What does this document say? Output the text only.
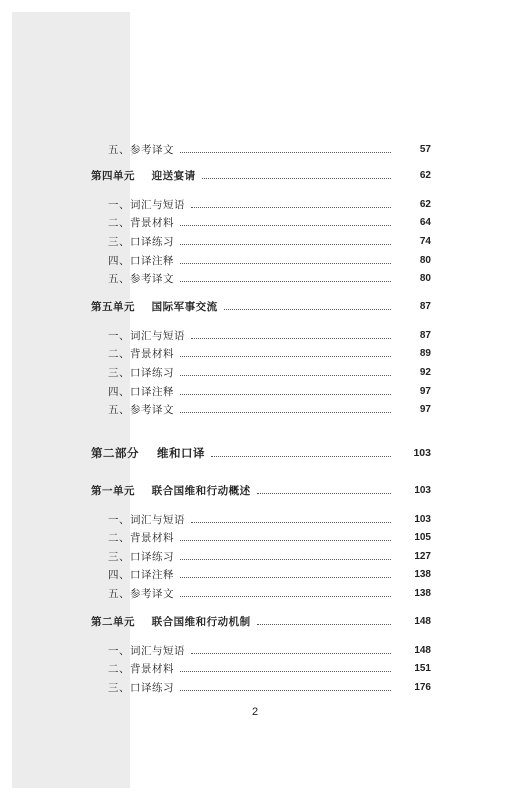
五、参考译文	57
第四单元    迎送宴请	62
一、词汇与短语	62
二、背景材料	64
三、口译练习	74
四、口译注释	80
五、参考译文	80
第五单元    国际军事交流	87
一、词汇与短语	87
二、背景材料	89
三、口译练习	92
四、口译注释	97
五、参考译文	97
第二部分    维和口译	103
第一单元    联合国维和行动概述	103
一、词汇与短语	103
二、背景材料	105
三、口译练习	127
四、口译注释	138
五、参考译文	138
第二单元    联合国维和行动机制	148
一、词汇与短语	148
二、背景材料	151
三、口译练习	176
2
